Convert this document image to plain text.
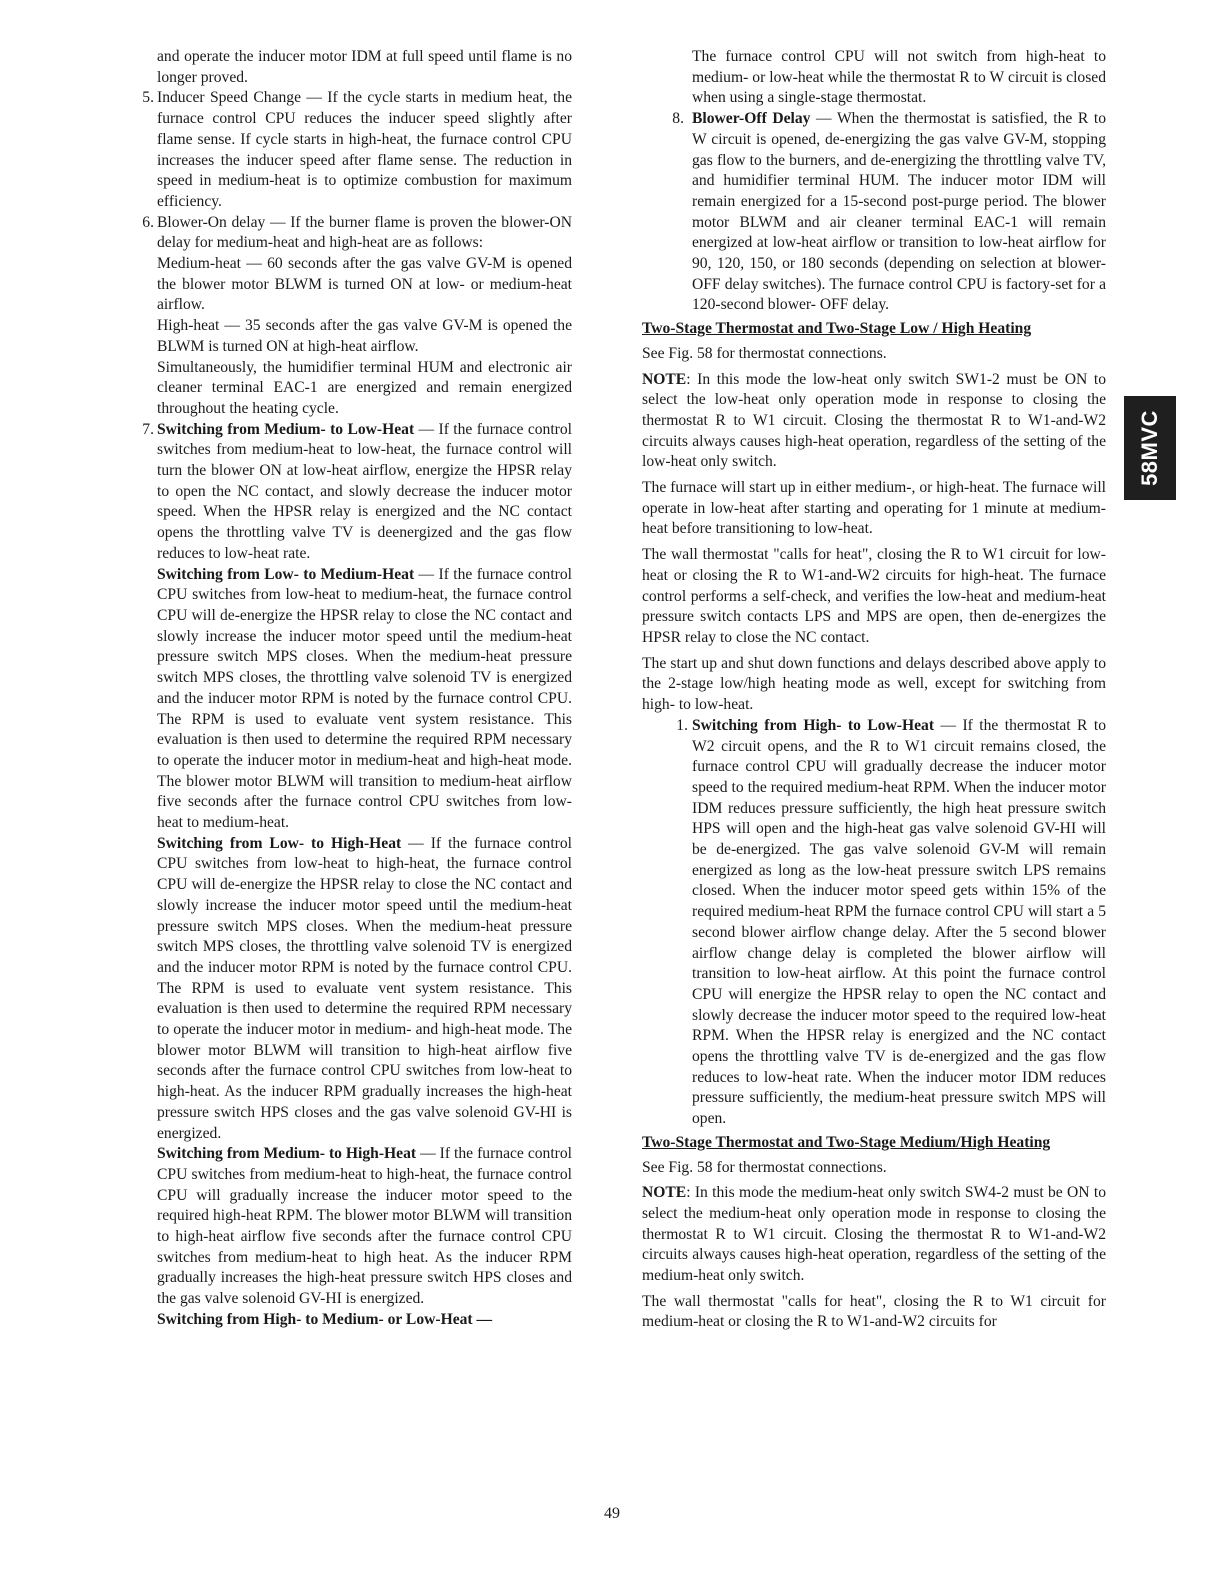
and operate the inducer motor IDM at full speed until flame is no longer proved.

5. Inducer Speed Change — If the cycle starts in medium heat, the furnace control CPU reduces the inducer speed slightly after flame sense. If cycle starts in high-heat, the furnace control CPU increases the inducer speed after flame sense. The reduction in speed in medium-heat is to optimize combustion for maximum efficiency.

6. Blower-On delay — If the burner flame is proven the blower-ON delay for medium-heat and high-heat are as follows:

Medium-heat — 60 seconds after the gas valve GV-M is opened the blower motor BLWM is turned ON at low- or medium-heat airflow.

High-heat — 35 seconds after the gas valve GV-M is opened the BLWM is turned ON at high-heat airflow.

Simultaneously, the humidifier terminal HUM and electronic air cleaner terminal EAC-1 are energized and remain energized throughout the heating cycle.

7. Switching from Medium- to Low-Heat — If the furnace control switches from medium-heat to low-heat, the furnace control will turn the blower ON at low-heat airflow, energize the HPSR relay to open the NC contact, and slowly decrease the inducer motor speed. When the HPSR relay is energized and the NC contact opens the throttling valve TV is deenergized and the gas flow reduces to low-heat rate.

Switching from Low- to Medium-Heat — If the furnace control CPU switches from low-heat to medium-heat, the furnace control CPU will de-energize the HPSR relay to close the NC contact and slowly increase the inducer motor speed until the medium-heat pressure switch MPS closes. When the medium-heat pressure switch MPS closes, the throttling valve solenoid TV is energized and the inducer motor RPM is noted by the furnace control CPU. The RPM is used to evaluate vent system resistance. This evaluation is then used to determine the required RPM necessary to operate the inducer motor in medium-heat and high-heat mode. The blower motor BLWM will transition to medium-heat airflow five seconds after the furnace control CPU switches from low-heat to medium-heat.

Switching from Low- to High-Heat — If the furnace control CPU switches from low-heat to high-heat, the furnace control CPU will de-energize the HPSR relay to close the NC contact and slowly increase the inducer motor speed until the medium-heat pressure switch MPS closes. When the medium-heat pressure switch MPS closes, the throttling valve solenoid TV is energized and the inducer motor RPM is noted by the furnace control CPU. The RPM is used to evaluate vent system resistance. This evaluation is then used to determine the required RPM necessary to operate the inducer motor in medium- and high-heat mode. The blower motor BLWM will transition to high-heat airflow five seconds after the furnace control CPU switches from low-heat to high-heat. As the inducer RPM gradually increases the high-heat pressure switch HPS closes and the gas valve solenoid GV-HI is energized.

Switching from Medium- to High-Heat — If the furnace control CPU switches from medium-heat to high-heat, the furnace control CPU will gradually increase the inducer motor speed to the required high-heat RPM. The blower motor BLWM will transition to high-heat airflow five seconds after the furnace control CPU switches from medium-heat to high heat. As the inducer RPM gradually increases the high-heat pressure switch HPS closes and the gas valve solenoid GV-HI is energized.

Switching from High- to Medium- or Low-Heat —

The furnace control CPU will not switch from high-heat to medium- or low-heat while the thermostat R to W circuit is closed when using a single-stage thermostat.

8. Blower-Off Delay — When the thermostat is satisfied, the R to W circuit is opened, de-energizing the gas valve GV-M, stopping gas flow to the burners, and de-energizing the throttling valve TV, and humidifier terminal HUM. The inducer motor IDM will remain energized for a 15-second post-purge period. The blower motor BLWM and air cleaner terminal EAC-1 will remain energized at low-heat airflow or transition to low-heat airflow for 90, 120, 150, or 180 seconds (depending on selection at blower-OFF delay switches). The furnace control CPU is factory-set for a 120-second blower- OFF delay.

Two-Stage Thermostat and Two-Stage Low / High Heating

See Fig. 58 for thermostat connections.

NOTE: In this mode the low-heat only switch SW1-2 must be ON to select the low-heat only operation mode in response to closing the thermostat R to W1 circuit. Closing the thermostat R to W1-and-W2 circuits always causes high-heat operation, regardless of the setting of the low-heat only switch.

The furnace will start up in either medium-, or high-heat. The furnace will operate in low-heat after starting and operating for 1 minute at medium-heat before transitioning to low-heat.

The wall thermostat "calls for heat", closing the R to W1 circuit for low-heat or closing the R to W1-and-W2 circuits for high-heat. The furnace control performs a self-check, and verifies the low-heat and medium-heat pressure switch contacts LPS and MPS are open, then de-energizes the HPSR relay to close the NC contact.

The start up and shut down functions and delays described above apply to the 2-stage low/high heating mode as well, except for switching from high- to low-heat.

1. Switching from High- to Low-Heat — If the thermostat R to W2 circuit opens, and the R to W1 circuit remains closed, the furnace control CPU will gradually decrease the inducer motor speed to the required medium-heat RPM. When the inducer motor IDM reduces pressure sufficiently, the high heat pressure switch HPS will open and the high-heat gas valve solenoid GV-HI will be de-energized. The gas valve solenoid GV-M will remain energized as long as the low-heat pressure switch LPS remains closed. When the inducer motor speed gets within 15% of the required medium-heat RPM the furnace control CPU will start a 5 second blower airflow change delay. After the 5 second blower airflow change delay is completed the blower airflow will transition to low-heat airflow. At this point the furnace control CPU will energize the HPSR relay to open the NC contact and slowly decrease the inducer motor speed to the required low-heat RPM. When the HPSR relay is energized and the NC contact opens the throttling valve TV is de-energized and the gas flow reduces to low-heat rate. When the inducer motor IDM reduces pressure sufficiently, the medium-heat pressure switch MPS will open.

Two-Stage Thermostat and Two-Stage Medium/High Heating

See Fig. 58 for thermostat connections.

NOTE: In this mode the medium-heat only switch SW4-2 must be ON to select the medium-heat only operation mode in response to closing the thermostat R to W1 circuit. Closing the thermostat R to W1-and-W2 circuits always causes high-heat operation, regardless of the setting of the medium-heat only switch.

The wall thermostat "calls for heat", closing the R to W1 circuit for medium-heat or closing the R to W1-and-W2 circuits for

58MVC
49
